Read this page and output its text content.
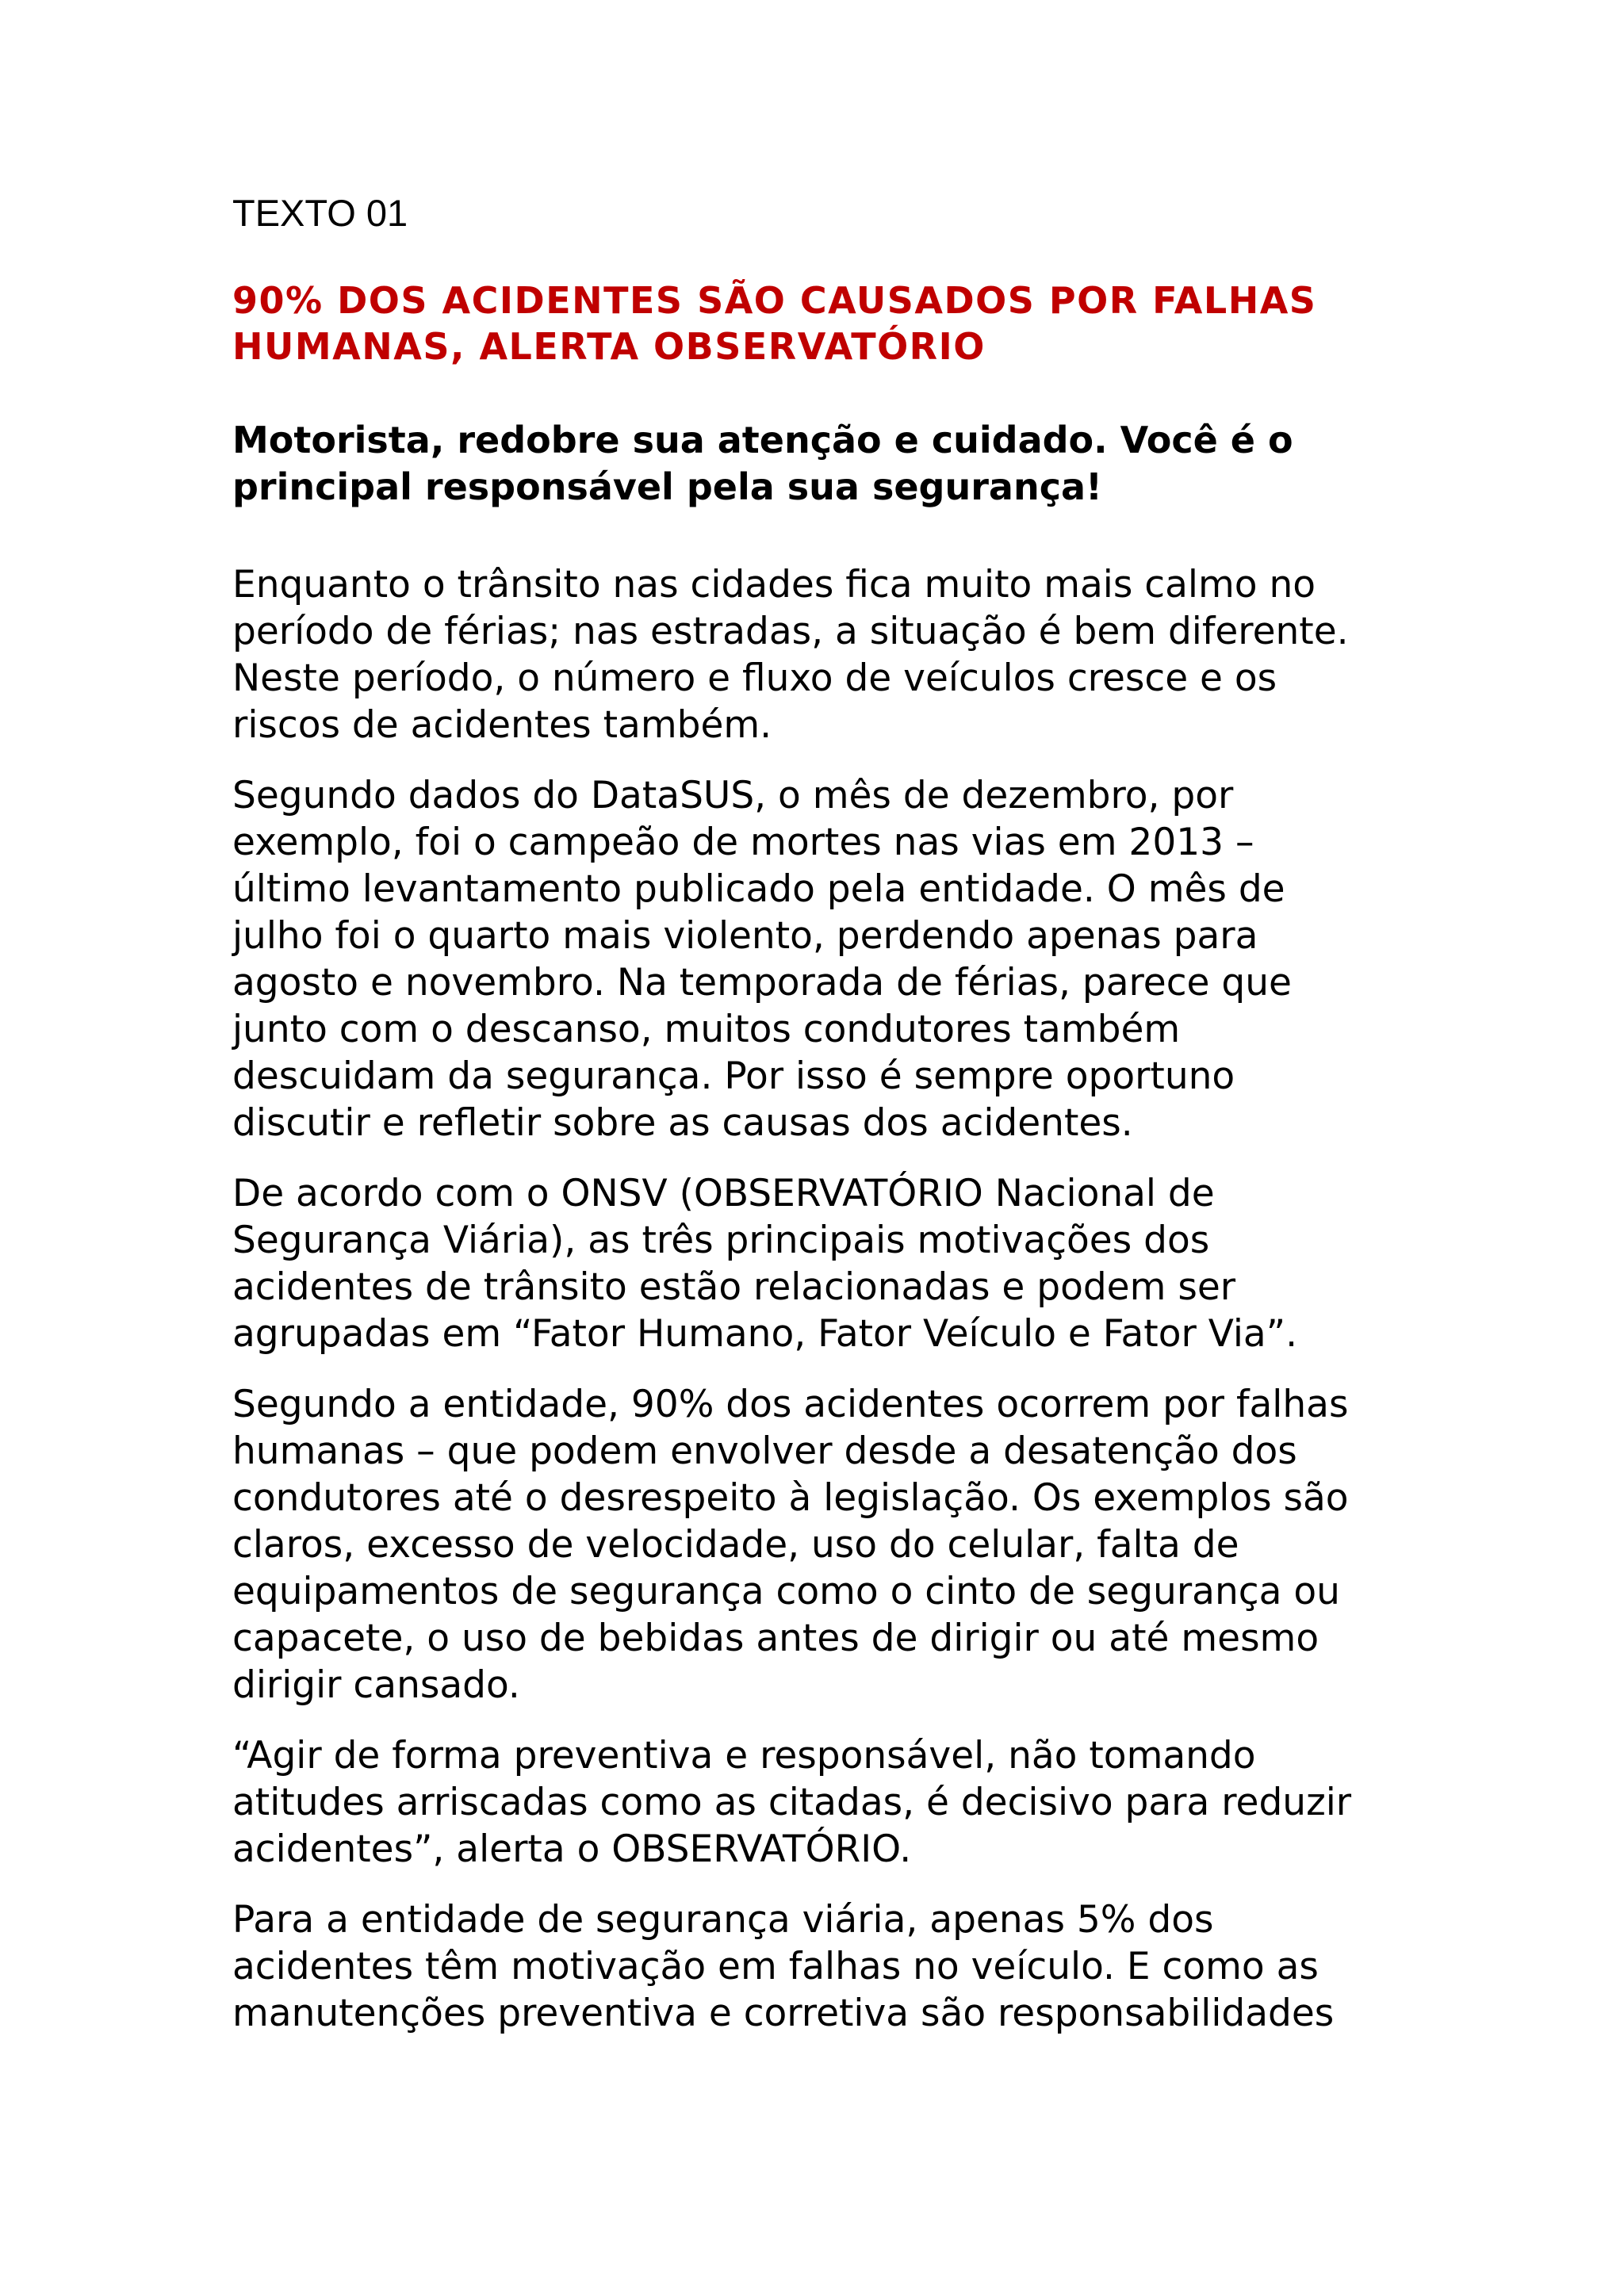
TEXTO 01

90% DOS ACIDENTES SÃO CAUSADOS POR FALHAS
HUMANAS, ALERTA OBSERVATÓRIO
Motorista, redobre sua atenção e cuidado. Você é o
principal responsável pela sua segurança!

Enquanto o trânsito nas cidades fica muito mais calmo no
período de férias; nas estradas, a situação é bem diferente.
Neste período, o número e fluxo de veículos cresce e os
riscos de acidentes também.

Segundo dados do DataSUS, o mês de dezembro, por
exemplo, foi o campeão de mortes nas vias em 2013 –
último levantamento publicado pela entidade. O mês de
julho foi o quarto mais violento, perdendo apenas para
agosto e novembro. Na temporada de férias, parece que
junto com o descanso, muitos condutores também
descuidam da segurança. Por isso é sempre oportuno
discutir e refletir sobre as causas dos acidentes.

De acordo com o ONSV (OBSERVATÓRIO Nacional de
Segurança Viária), as três principais motivações dos
acidentes de trânsito estão relacionadas e podem ser
agrupadas em “Fator Humano, Fator Veículo e Fator Via”.

Segundo a entidade, 90% dos acidentes ocorrem por falhas
humanas – que podem envolver desde a desatenção dos
condutores até o desrespeito à legislação. Os exemplos são
claros, excesso de velocidade, uso do celular, falta de
equipamentos de segurança como o cinto de segurança ou
capacete, o uso de bebidas antes de dirigir ou até mesmo
dirigir cansado.

“Agir de forma preventiva e responsável, não tomando
atitudes arriscadas como as citadas, é decisivo para reduzir
acidentes”, alerta o OBSERVATÓRIO.

Para a entidade de segurança viária, apenas 5% dos
acidentes têm motivação em falhas no veículo. E como as
manutenções preventiva e corretiva são responsabilidades
